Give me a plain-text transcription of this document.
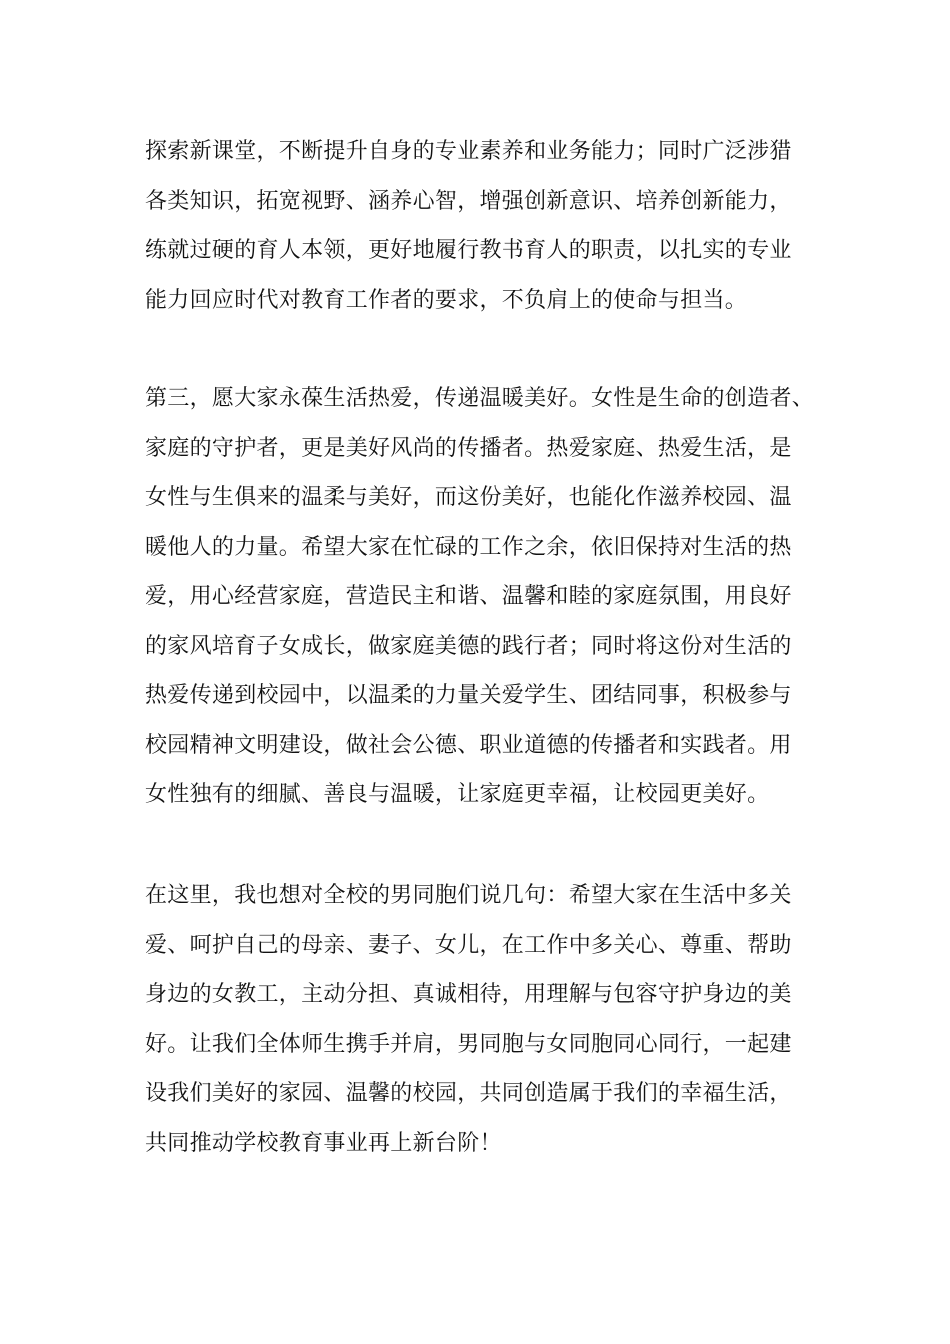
探索新课堂，不断提升自身的专业素养和业务能力；同时广泛涉猎
各类知识，拓宽视野、涵养心智，增强创新意识、培养创新能力，
练就过硬的育人本领，更好地履行教书育人的职责，以扎实的专业
能力回应时代对教育工作者的要求，不负肩上的使命与担当。
第三，愿大家永葆生活热爱，传递温暖美好。女性是生命的创造者、
家庭的守护者，更是美好风尚的传播者。热爱家庭、热爱生活，是
女性与生俱来的温柔与美好，而这份美好，也能化作滋养校园、温
暖他人的力量。希望大家在忙碌的工作之余，依旧保持对生活的热
爱，用心经营家庭，营造民主和谐、温馨和睦的家庭氛围，用良好
的家风培育子女成长，做家庭美德的践行者；同时将这份对生活的
热爱传递到校园中，以温柔的力量关爱学生、团结同事，积极参与
校园精神文明建设，做社会公德、职业道德的传播者和实践者。用
女性独有的细腻、善良与温暖，让家庭更幸福，让校园更美好。
在这里，我也想对全校的男同胞们说几句：希望大家在生活中多关
爱、呵护自己的母亲、妻子、女儿，在工作中多关心、尊重、帮助
身边的女教工，主动分担、真诚相待，用理解与包容守护身边的美
好。让我们全体师生携手并肩，男同胞与女同胞同心同行，一起建
设我们美好的家园、温馨的校园，共同创造属于我们的幸福生活，
共同推动学校教育事业再上新台阶！
